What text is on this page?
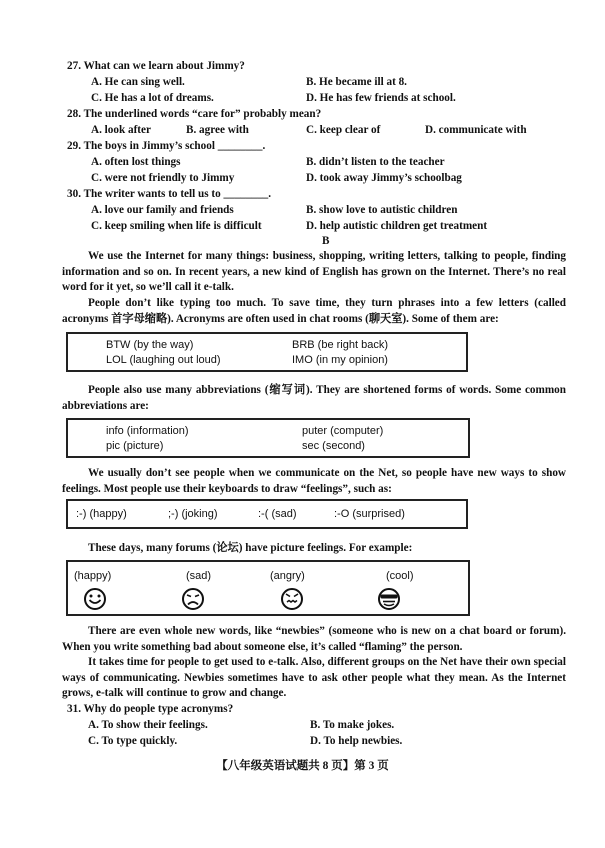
27. What can we learn about Jimmy?
A. He can sing well.	B. He became ill at 8.
C. He has a lot of dreams.	D. He has few friends at school.
28. The underlined words “care for” probably mean?
A. look after	B. agree with	C. keep clear of	D. communicate with
29. The boys in Jimmy’s school ________.
A. often lost things	B. didn’t listen to the teacher
C. were not friendly to Jimmy	D. took away Jimmy’s schoolbag
30. The writer wants to tell us to ________.
A. love our family and friends	B. show love to autistic children
C. keep smiling when life is difficult	D. help autistic children get treatment
B
We use the Internet for many things: business, shopping, writing letters, talking to people, finding information and so on. In recent years, a new kind of English has grown on the Internet. There’s no real word for it yet, so we’ll call it e-talk.
People don’t like typing too much. To save time, they turn phrases into a few letters (called acronyms 首字母缩略). Acronyms are often used in chat rooms (聊天室). Some of them are:
BTW (by the way)	BRB (be right back)
LOL (laughing out loud)	IMO (in my opinion)
People also use many abbreviations (缩写词). They are shortened forms of words. Some common abbreviations are:
info (information)	puter (computer)
pic (picture)	sec (second)
We usually don’t see people when we communicate on the Net, so people have new ways to show feelings. Most people use their keyboards to draw “feelings”, such as:
:-) (happy)	;-) (joking)	:-( (sad)	:-O (surprised)
These days, many forums (论坛) have picture feelings. For example:
(happy)	(sad)	(angry)	(cool)
There are even whole new words, like “newbies” (someone who is new on a chat board or forum). When you write something bad about someone else, it’s called “flaming” the person.
It takes time for people to get used to e-talk. Also, different groups on the Net have their own special ways of communicating. Newbies sometimes have to ask other people what they mean. As the Internet grows, e-talk will continue to grow and change.
31. Why do people type acronyms?
A. To show their feelings.	B. To make jokes.
C. To type quickly.	D. To help newbies.
【八年级英语试题共 8 页】第 3 页
